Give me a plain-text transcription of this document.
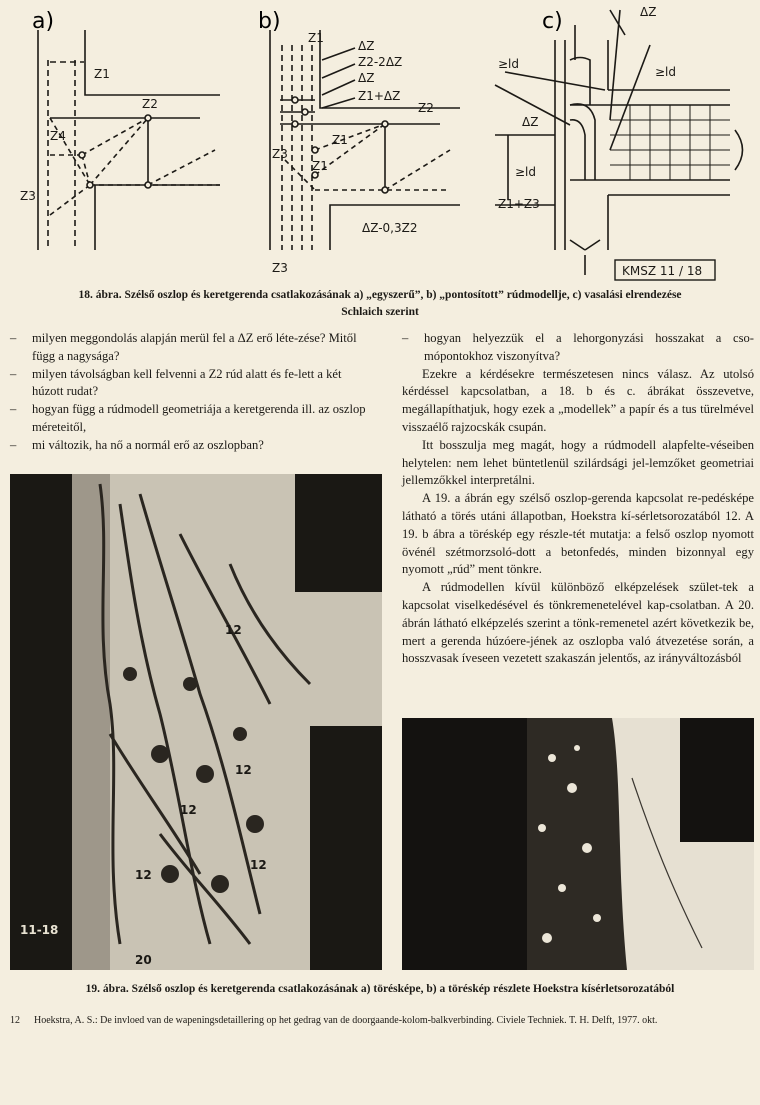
a)	b)	c)
Z1
Z2
Z4
Z3
Z1
ΔZ
Z2-2ΔZ
ΔZ
Z1+ΔZ
Z2
Z1
Z3
Z1
ΔZ-0,3Z2
Z3
ΔZ
≥ld
≥ld
ΔZ
≥ld
Z1+Z3
KMSZ 11 / 18
18. ábra. Szélső oszlop és keretgerenda csatlakozásának a) „egyszerű”, b) „pontosított” rúdmodellje, c) vasalási elrendezése
Schlaich szerint

– milyen meggondolás alapján merül fel a ΔZ erő léte-zése? Mitől függ a nagysága?

– milyen távolságban kell felvenni a Z2 rúd alatt és fe-lett a két húzott rudat?

– hogyan függ a rúdmodell geometriája a keretgerenda ill. az oszlop méreteitől,

– mi változik, ha nő a normál erő az oszlopban?

– hogyan helyezzük el a lehorgonyzási hosszakat a cso-mópontokhoz viszonyítva?

Ezekre a kérdésekre természetesen nincs válasz. Az utolsó kérdéssel kapcsolatban, a 18. b és c. ábrákat összevetve, megállapíthatjuk, hogy ezek a „modellek” a papír és a tus türelmével visszaélő rajzocskák csupán.

Itt bosszulja meg magát, hogy a rúdmodell alapfelte-véseiben helytelen: nem lehet büntetlenül szilárdsági jel-lemzőket geometriai jellemzőkkel interpretálni.

A 19. a ábrán egy szélső oszlop-gerenda kapcsolat re-pedésképe látható a törés utáni állapotban, Hoekstra kí-sérletsorozatából 12. A 19. b ábra a töréskép egy részle-tét mutatja: a felső oszlop nyomott övénél szétmorzsoló-dott a betonfedés, minden bizonnyal egy nyomott „rúd” ment tönkre.

A rúdmodellen kívül különböző elképzelések szület-tek a kapcsolat viselkedésével és tönkremenetelével kap-csolatban. A 20. ábrán látható elképzelés szerint a tönk-remenetel azért következik be, mert a gerenda húzóere-jének az oszlopba való átvezetése során, a hosszvasak íveseen vezetett szakaszán jelentős, az irányváltozásból

11-18
12
12
12
12
12
20
19. ábra. Szélső oszlop és keretgerenda csatlakozásának a) törésképe, b) a töréskép részlete Hoekstra kísérletsorozatából
12 Hoekstra, A. S.: De invloed van de wapeningsdetaillering op het gedrag van de doorgaande-kolom-balkverbinding. Civiele Techniek. T. H. Delft, 1977. okt.
